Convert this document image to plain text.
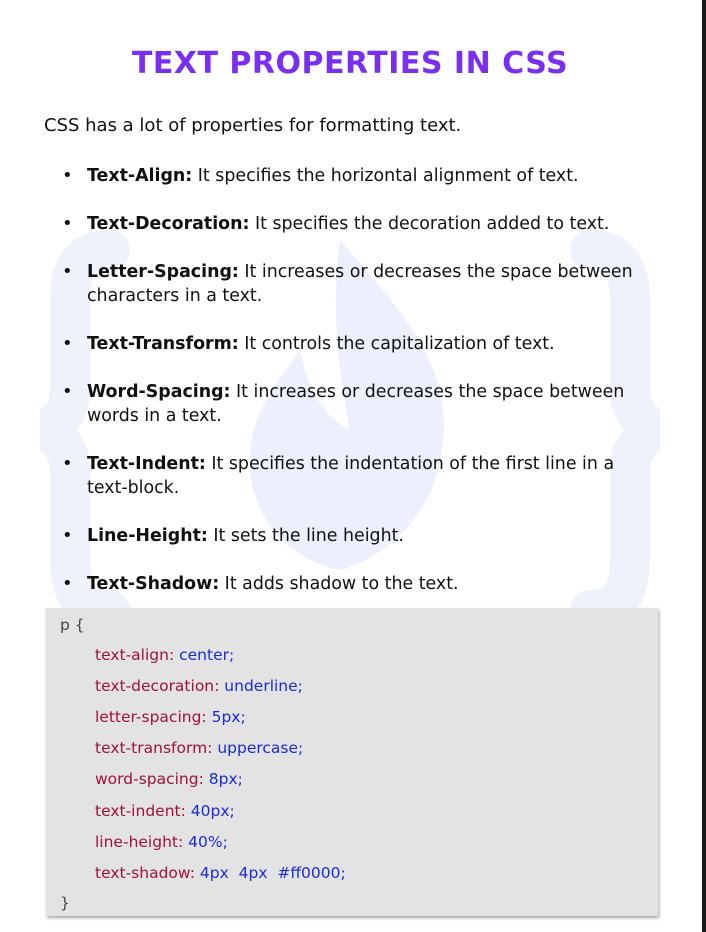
TEXT PROPERTIES IN CSS

CSS has a lot of properties for formatting text.

• Text-Align: It specifies the horizontal alignment of text.
• Text-Decoration: It specifies the decoration added to text.
• Letter-Spacing: It increases or decreases the space between characters in a text.
• Text-Transform: It controls the capitalization of text.
• Word-Spacing: It increases or decreases the space between words in a text.
• Text-Indent: It specifies the indentation of the first line in a text-block.
• Line-Height: It sets the line height.
• Text-Shadow: It adds shadow to the text.
p {
text-align: center;
text-decoration: underline;
letter-spacing: 5px;
text-transform: uppercase;
word-spacing: 8px;
text-indent: 40px;
line-height: 40%;
text-shadow: 4px  4px  #ff0000;
}
